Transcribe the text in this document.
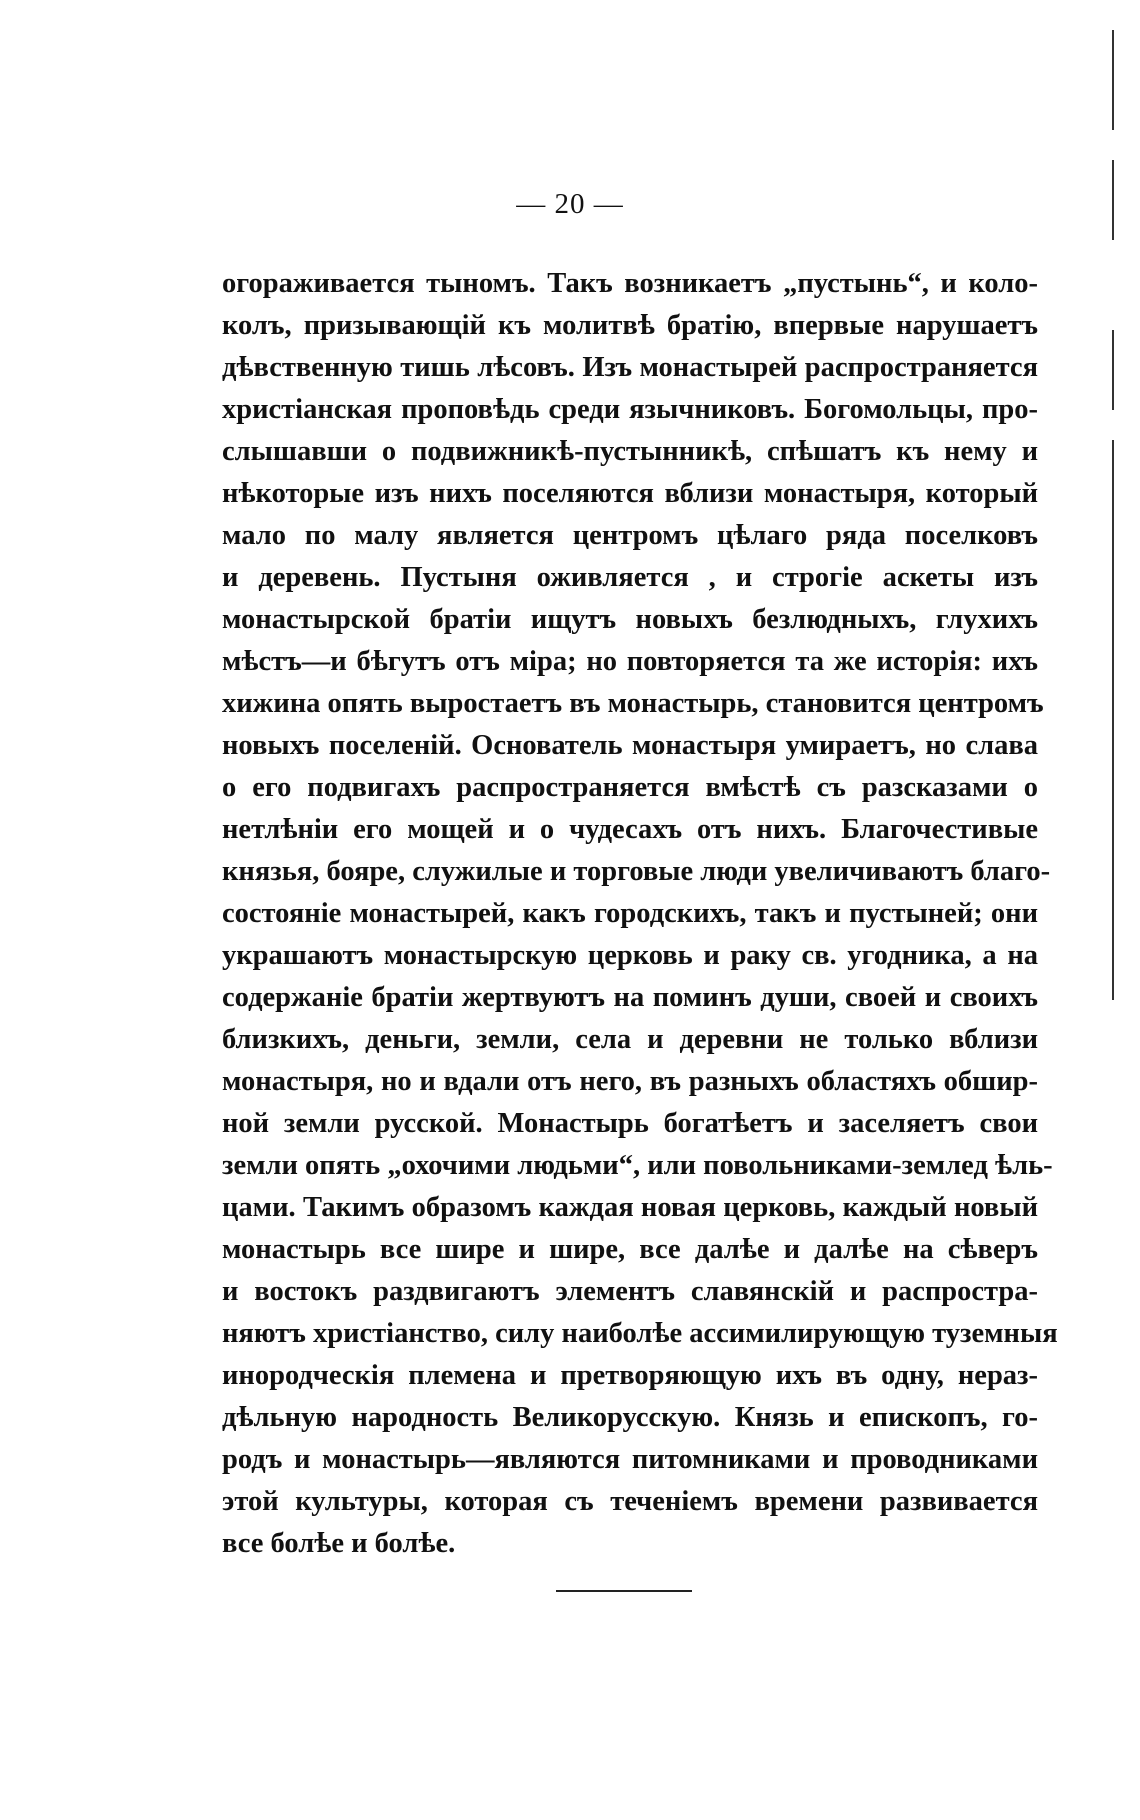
— 20 —
огораживается тыномъ. Такъ возникаетъ „пустынь“, и коло-
колъ, призывающій къ молитвѣ братію, впервые нарушаетъ
дѣвственную тишь лѣсовъ. Изъ монастырей распространяется
христіанская проповѣдь среди язычниковъ. Богомольцы, про-
слышавши о подвижникѣ-пустынникѣ, спѣшатъ къ нему и
нѣкоторые изъ нихъ поселяются вблизи монастыря, который
мало по малу является центромъ цѣлаго ряда поселковъ
и деревень. Пустыня оживляется , и строгіе аскеты изъ
монастырской братіи ищутъ новыхъ безлюдныхъ, глухихъ
мѣстъ—и бѣгутъ отъ міра; но повторяется та же исторія: ихъ
хижина опять выростаетъ въ монастырь, становится центромъ
новыхъ поселеній. Основатель монастыря умираетъ, но слава
о его подвигахъ распространяется вмѣстѣ съ разсказами о
нетлѣніи его мощей и о чудесахъ отъ нихъ. Благочестивые
князья, бояре, служилые и торговые люди увеличиваютъ благо-
состояніе монастырей, какъ городскихъ, такъ и пустыней; они
украшаютъ монастырскую церковь и раку св. угодника, а на
содержаніе братіи жертвуютъ на поминъ души, своей и своихъ
близкихъ, деньги, земли, села и деревни не только вблизи
монастыря, но и вдали отъ него, въ разныхъ областяхъ обшир-
ной земли русской. Монастырь богатѣетъ и заселяетъ свои
земли опять „охочими людьми“, или повольниками-землед ѣль-
цами. Такимъ образомъ каждая новая церковь, каждый новый
монастырь все шире и шире, все далѣе и далѣе на сѣверъ
и востокъ раздвигаютъ элементъ славянскій и распростра-
няютъ христіанство, силу наиболѣе ассимилирующую туземныя
инородческія племена и претворяющую ихъ въ одну, нераз-
дѣльную народность Великорусскую. Князь и епископъ, го-
родъ и монастырь—являются питомниками и проводниками
этой культуры, которая съ теченіемъ времени развивается
все болѣе и болѣе.
